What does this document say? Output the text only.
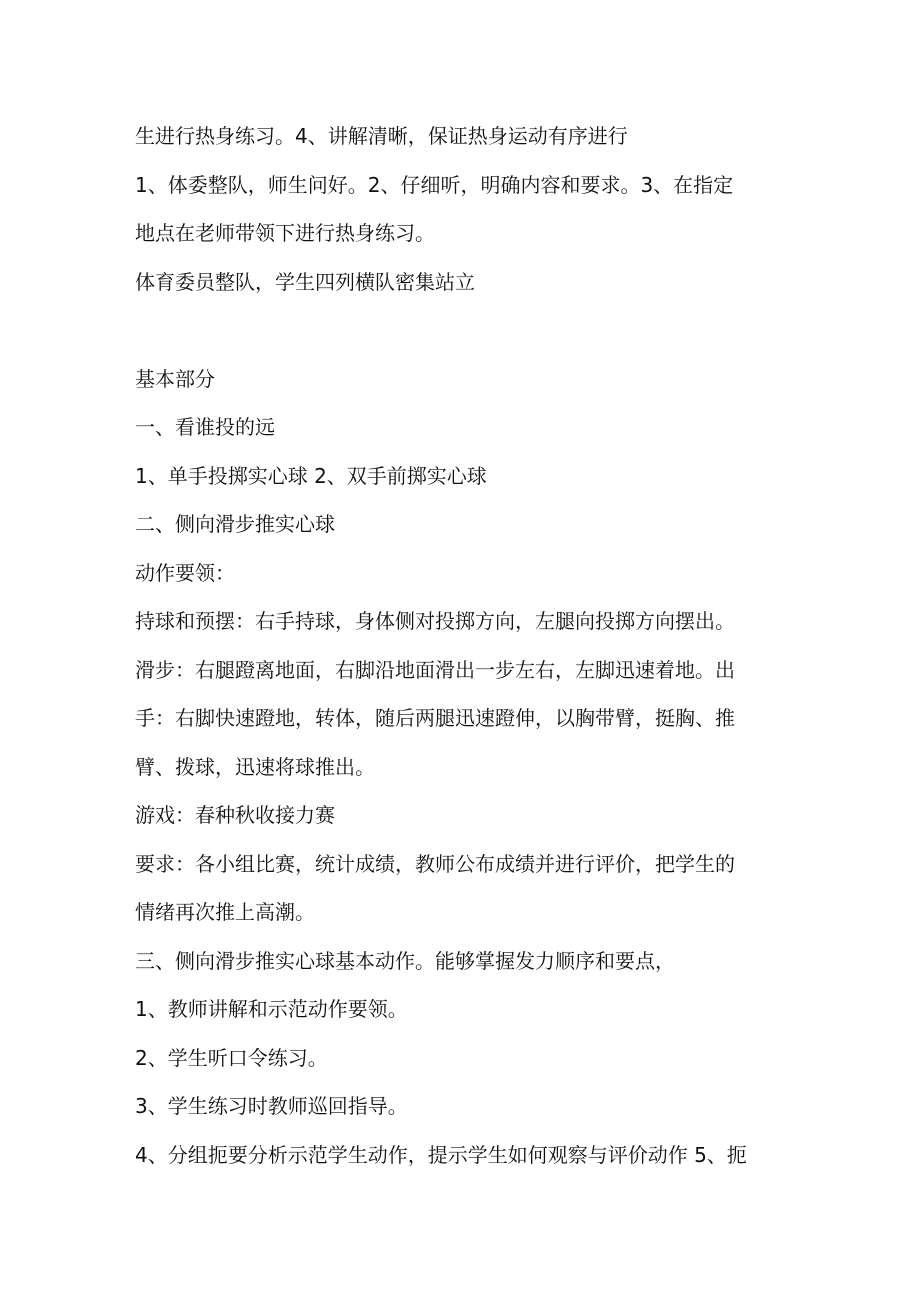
生进行热身练习。4、讲解清晰，保证热身运动有序进行
1、体委整队，师生问好。2、仔细听，明确内容和要求。3、在指定
地点在老师带领下进行热身练习。
体育委员整队，学生四列横队密集站立
基本部分
一、看谁投的远
1、单手投掷实心球 2、双手前掷实心球
二、侧向滑步推实心球
动作要领：
持球和预摆：右手持球，身体侧对投掷方向，左腿向投掷方向摆出。
滑步：右腿蹬离地面，右脚沿地面滑出一步左右，左脚迅速着地。出
手：右脚快速蹬地，转体，随后两腿迅速蹬伸，以胸带臂，挺胸、推
臂、拨球，迅速将球推出。
游戏：春种秋收接力赛
要求：各小组比赛，统计成绩，教师公布成绩并进行评价，把学生的
情绪再次推上高潮。
三、侧向滑步推实心球基本动作。能够掌握发力顺序和要点，
1、教师讲解和示范动作要领。
2、学生听口令练习。
3、学生练习时教师巡回指导。
4、分组扼要分析示范学生动作，提示学生如何观察与评价动作 5、扼
